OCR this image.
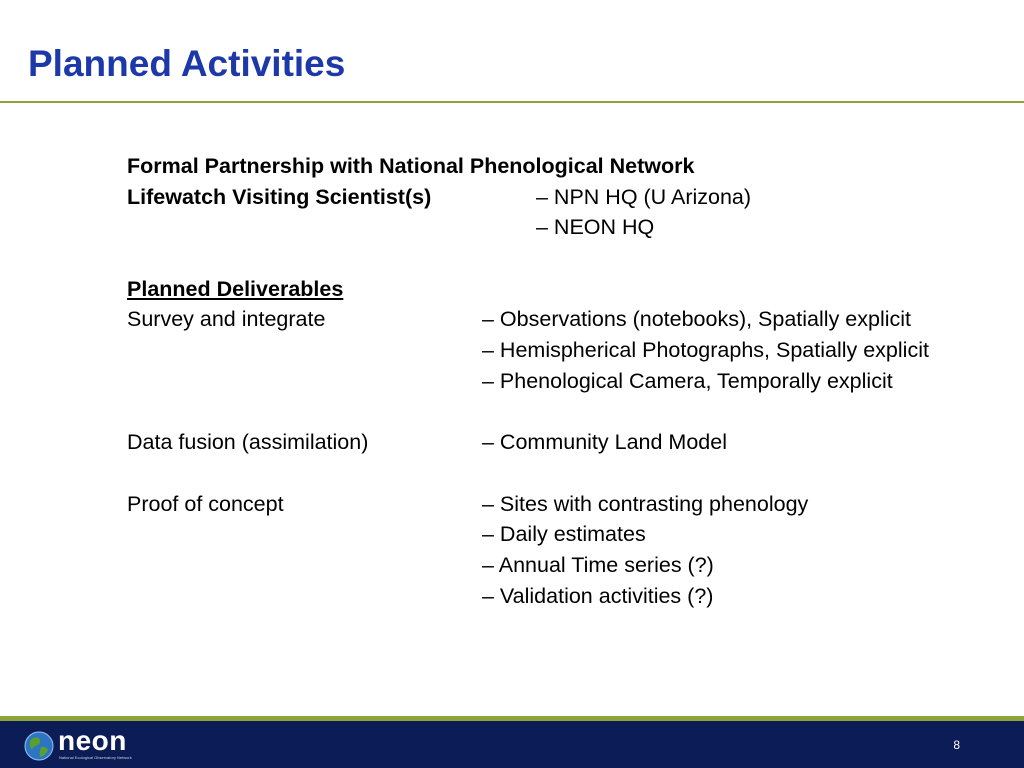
Planned Activities
Formal Partnership with National Phenological Network
Lifewatch Visiting Scientist(s)	– NPN HQ (U Arizona)
– NEON HQ
Planned Deliverables
Survey and integrate	– Observations (notebooks), Spatially explicit
– Hemispherical Photographs, Spatially explicit
– Phenological Camera, Temporally explicit
Data fusion (assimilation)	– Community Land Model
Proof of concept	– Sites with contrasting phenology
– Daily estimates
– Annual Time series (?)
– Validation activities (?)
neon
National Ecological Observatory Network
8
